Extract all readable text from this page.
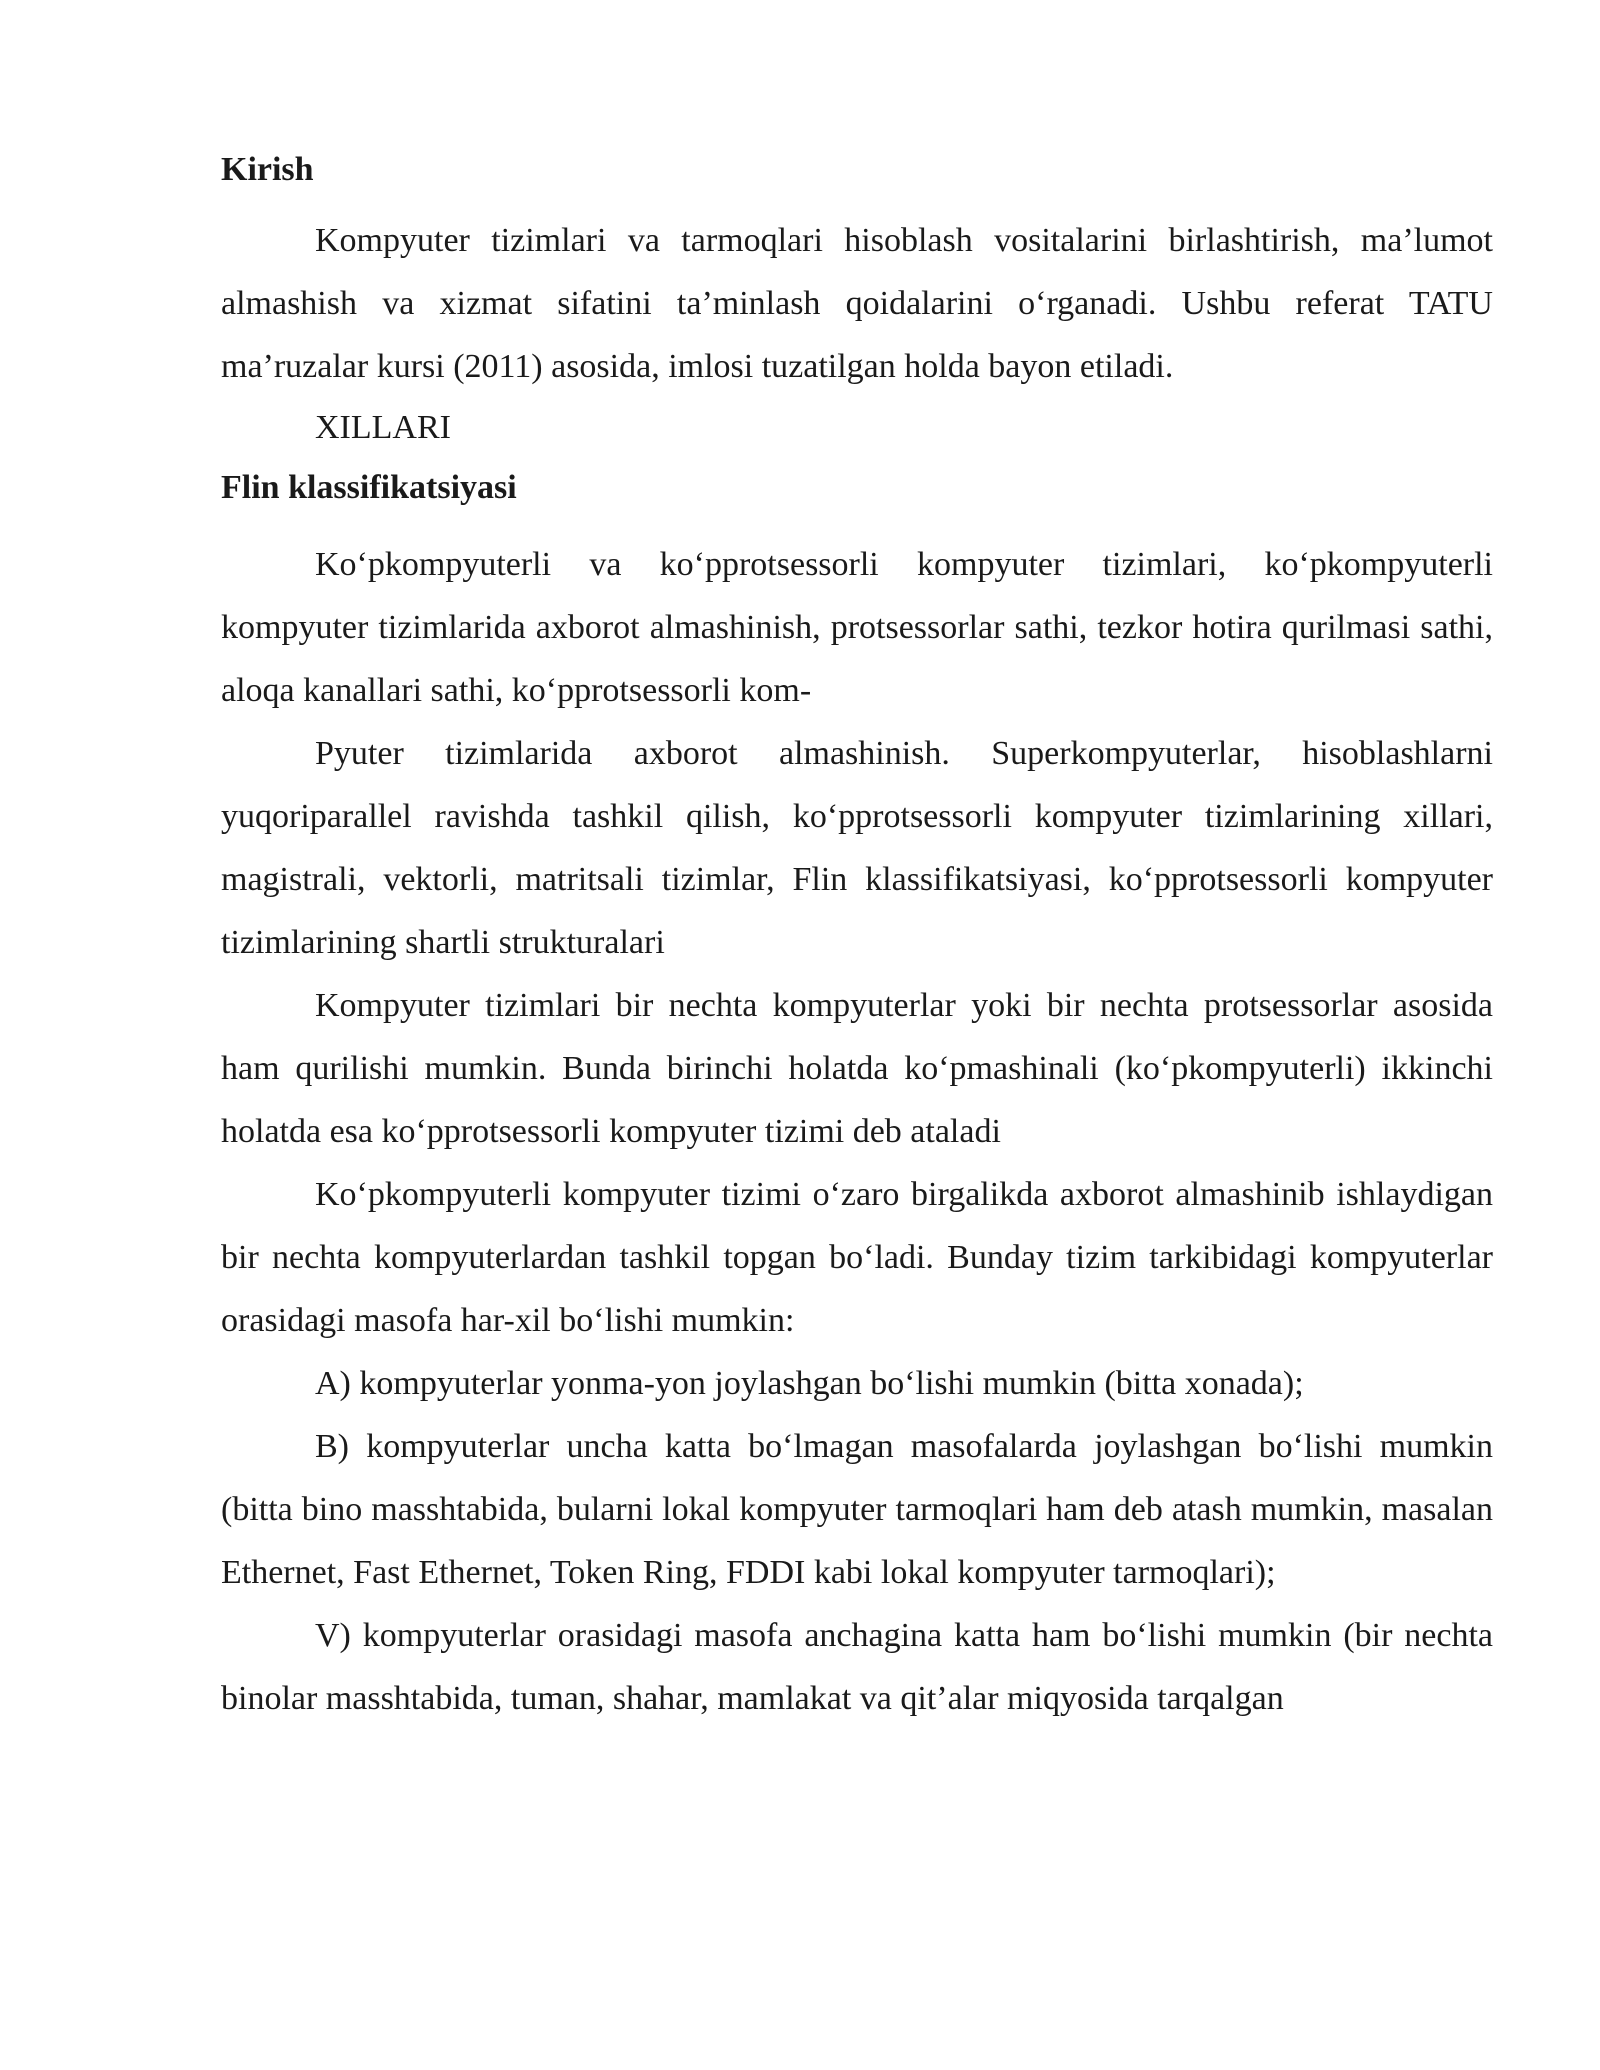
Kirish

Kompyuter tizimlari va tarmoqlari hisoblash vositalarini birlashtirish, ma’lumot almashish va xizmat sifatini ta’minlash qoidalarini o‘rganadi. Ushbu referat TATU ma’ruzalar kursi (2011) asosida, imlosi tuzatilgan holda bayon etiladi.

XILLARI
Flin klassifikatsiyasi

Ko‘pkompyuterli va ko‘pprotsessorli kompyuter tizimlari, ko‘pkompyuterli kompyuter tizimlarida axborot almashinish, protsessorlar sathi, tezkor hotira qurilmasi sathi, aloqa kanallari sathi, ko‘pprotsessorli kom-

Pyuter tizimlarida axborot almashinish. Superkompyuterlar, hisoblashlarni yuqoriparallel ravishda tashkil qilish, ko‘pprotsessorli kompyuter tizimlarining xillari, magistrali, vektorli, matritsali tizimlar, Flin klassifikatsiyasi, ko‘pprotsessorli kompyuter tizimlarining shartli strukturalari

Kompyuter tizimlari bir nechta kompyuterlar yoki bir nechta protsessorlar asosida ham qurilishi mumkin. Bunda birinchi holatda ko‘pmashinali (ko‘pkompyuterli) ikkinchi holatda esa ko‘pprotsessorli kompyuter tizimi deb ataladi

Ko‘pkompyuterli kompyuter tizimi o‘zaro birgalikda axborot almashinib ishlaydigan bir nechta kompyuterlardan tashkil topgan bo‘ladi. Bunday tizim tarkibidagi kompyuterlar orasidagi masofa har-xil bo‘lishi mumkin:

A) kompyuterlar yonma-yon joylashgan bo‘lishi mumkin (bitta xonada);

B) kompyuterlar uncha katta bo‘lmagan masofalarda joylashgan bo‘lishi mumkin (bitta bino masshtabida, bularni lokal kompyuter tarmoqlari ham deb atash mumkin, masalan Ethernet, Fast Ethernet, Token Ring, FDDI kabi lokal kompyuter tarmoqlari);

V) kompyuterlar orasidagi masofa anchagina katta ham bo‘lishi mumkin (bir nechta binolar masshtabida, tuman, shahar, mamlakat va qit’alar miqyosida tarqalgan
